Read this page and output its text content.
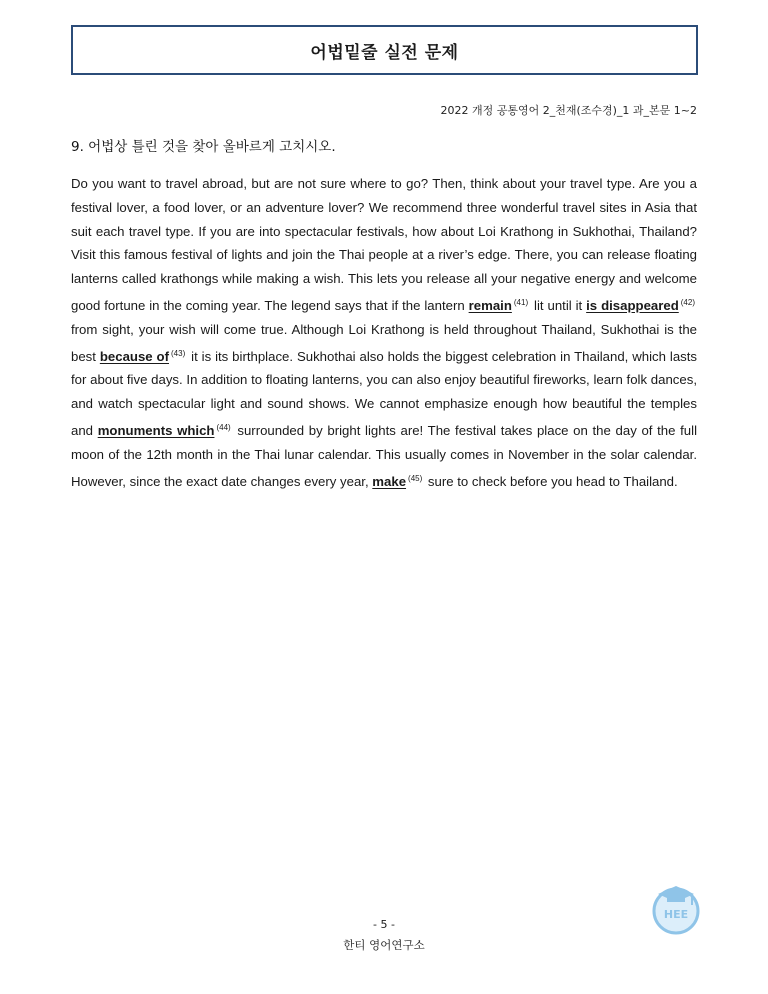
어법밑줄 실전 문제
2022 개정 공통영어 2_천재(조수경)_1 과_본문 1~2
9. 어법상 틀린 것을 찾아 올바르게 고치시오.
Do you want to travel abroad, but are not sure where to go? Then, think about your travel type. Are you a festival lover, a food lover, or an adventure lover? We recommend three wonderful travel sites in Asia that suit each travel type. If you are into spectacular festivals, how about Loi Krathong in Sukhothai, Thailand? Visit this famous festival of lights and join the Thai people at a river’s edge. There, you can release floating lanterns called krathongs while making a wish. This lets you release all your negative energy and welcome good fortune in the coming year. The legend says that if the lantern remain $^{(41)}$ lit until it is disappeared $^{(42)}$ from sight, your wish will come true. Although Loi Krathong is held throughout Thailand, Sukhothai is the best because of $^{(43)}$ it is its birthplace. Sukhothai also holds the biggest celebration in Thailand, which lasts for about five days. In addition to floating lanterns, you can also enjoy beautiful fireworks, learn folk dances, and watch spectacular light and sound shows. We cannot emphasize enough how beautiful the temples and monuments which $^{(44)}$ surrounded by bright lights are! The festival takes place on the day of the full moon of the 12th month in the Thai lunar calendar. This usually comes in November in the solar calendar. However, since the exact date changes every year, make $^{(45)}$ sure to check before you head to Thailand.
HEE
- 5 -
한티 영어연구소
